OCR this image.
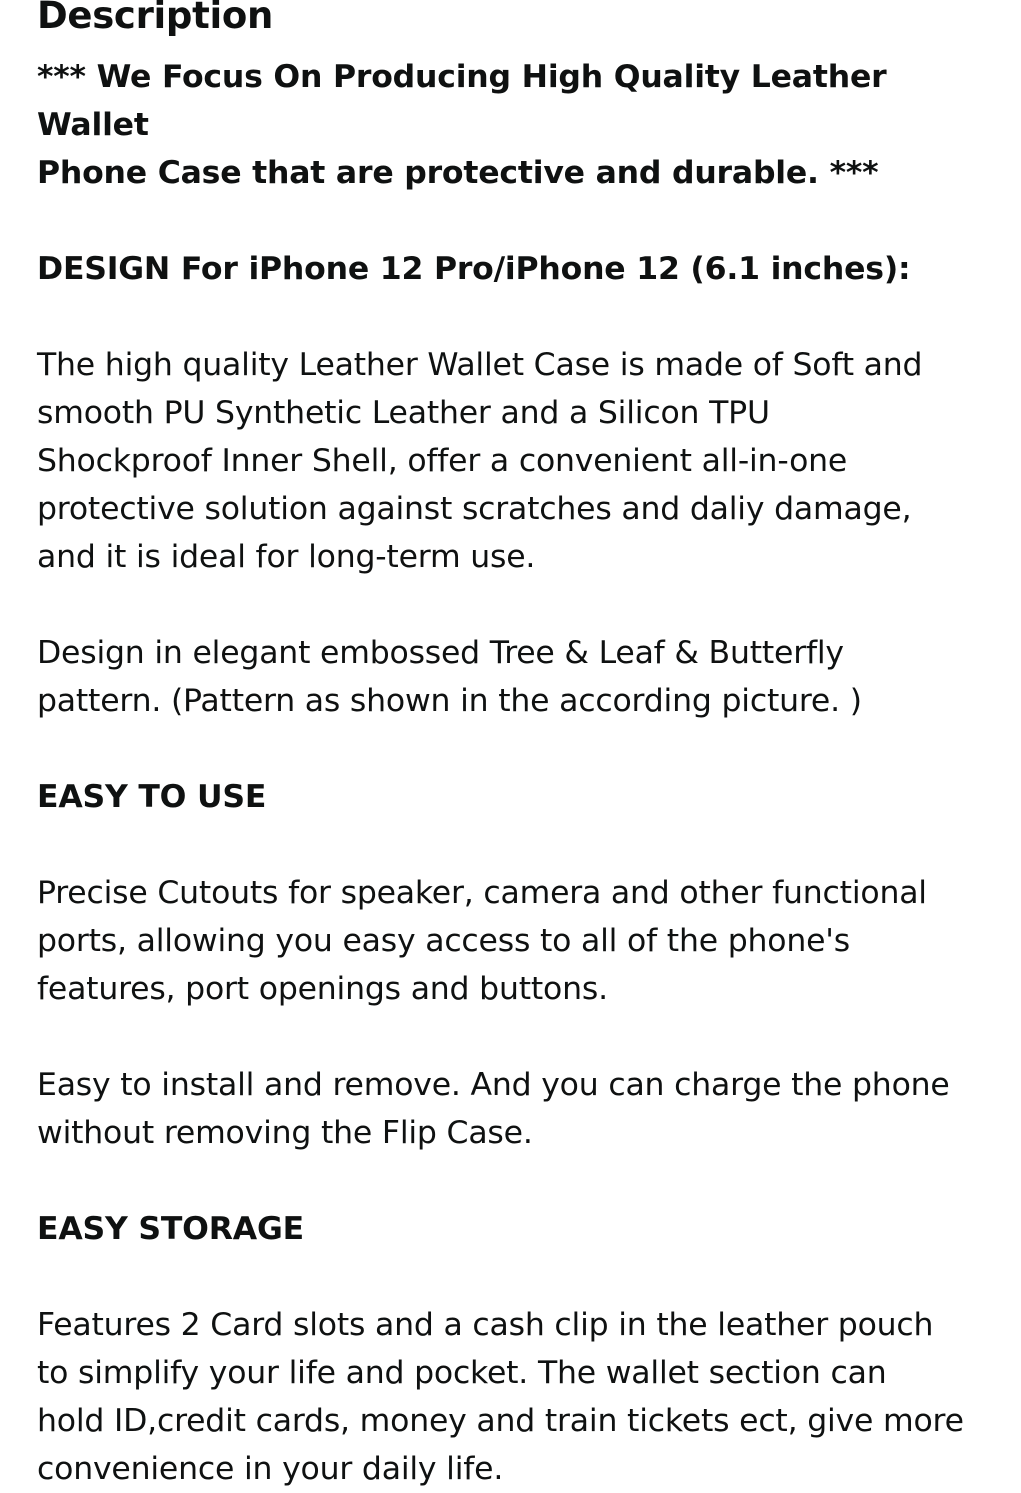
Description

*** We Focus On Producing High Quality Leather Wallet
Phone Case that are protective and durable. ***

DESIGN For iPhone 12 Pro/iPhone 12 (6.1 inches):

The high quality Leather Wallet Case is made of Soft and
smooth PU Synthetic Leather and a Silicon TPU
Shockproof Inner Shell, offer a convenient all-in-one
protective solution against scratches and daliy damage,
and it is ideal for long-term use.

Design in elegant embossed Tree & Leaf & Butterfly
pattern. (Pattern as shown in the according picture. )

EASY TO USE

Precise Cutouts for speaker, camera and other functional
ports, allowing you easy access to all of the phone's
features, port openings and buttons.

Easy to install and remove. And you can charge the phone
without removing the Flip Case.

EASY STORAGE

Features 2 Card slots and a cash clip in the leather pouch
to simplify your life and pocket. The wallet section can
hold ID,credit cards, money and train tickets ect, give more
convenience in your daily life.
